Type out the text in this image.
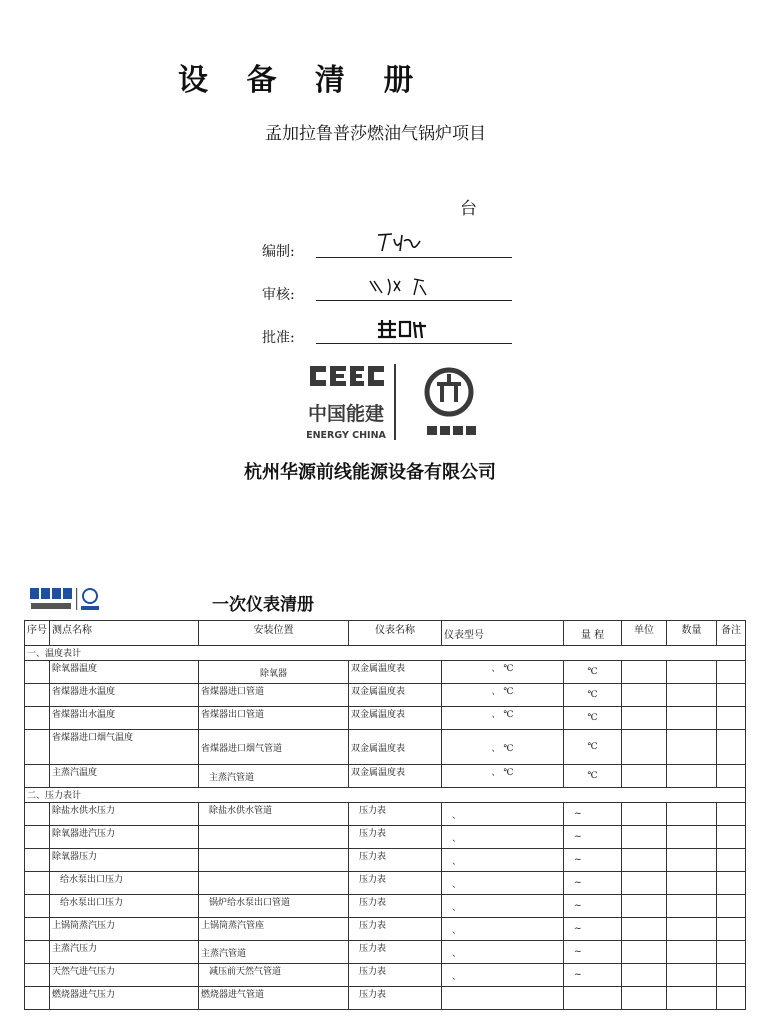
设 备 清 册
孟加拉鲁普莎燃油气锅炉项目
台
编制:
审核:
批准:
中国能建
ENERGY CHINA
杭州华源前线能源设备有限公司
一次仪表清册
序号	测点名称	安装位置	仪表名称	仪表型号	量 程	单位	数量	备注
一、温度表计								
	除氧器温度	除氧器	双金属温度表	、 ℃	℃			
	省煤器进水温度	省煤器进口管道	双金属温度表	、 ℃	℃			
	省煤器出水温度	省煤器出口管道	双金属温度表	、 ℃	℃			
	省煤器进口烟气温度	省煤器进口烟气管道	双金属温度表	、 ℃	℃			
	主蒸汽温度	主蒸汽管道	双金属温度表	、 ℃	℃			
二、压力表计								
	除盐水供水压力	除盐水供水管道	压力表	、	~			
	除氧器进汽压力		压力表	、	~			
	除氧器压力		压力表	、	~			
	给水泵出口压力		压力表	、	~			
	给水泵出口压力	锅炉给水泵出口管道	压力表	、	~			
	上锅筒蒸汽压力	上锅筒蒸汽管座	压力表	、	~			
	主蒸汽压力	主蒸汽管道	压力表	、	~			
	天然气进气压力	减压前天然气管道	压力表	、	~			
	燃烧器进气压力	燃烧器进气管道	压力表					
